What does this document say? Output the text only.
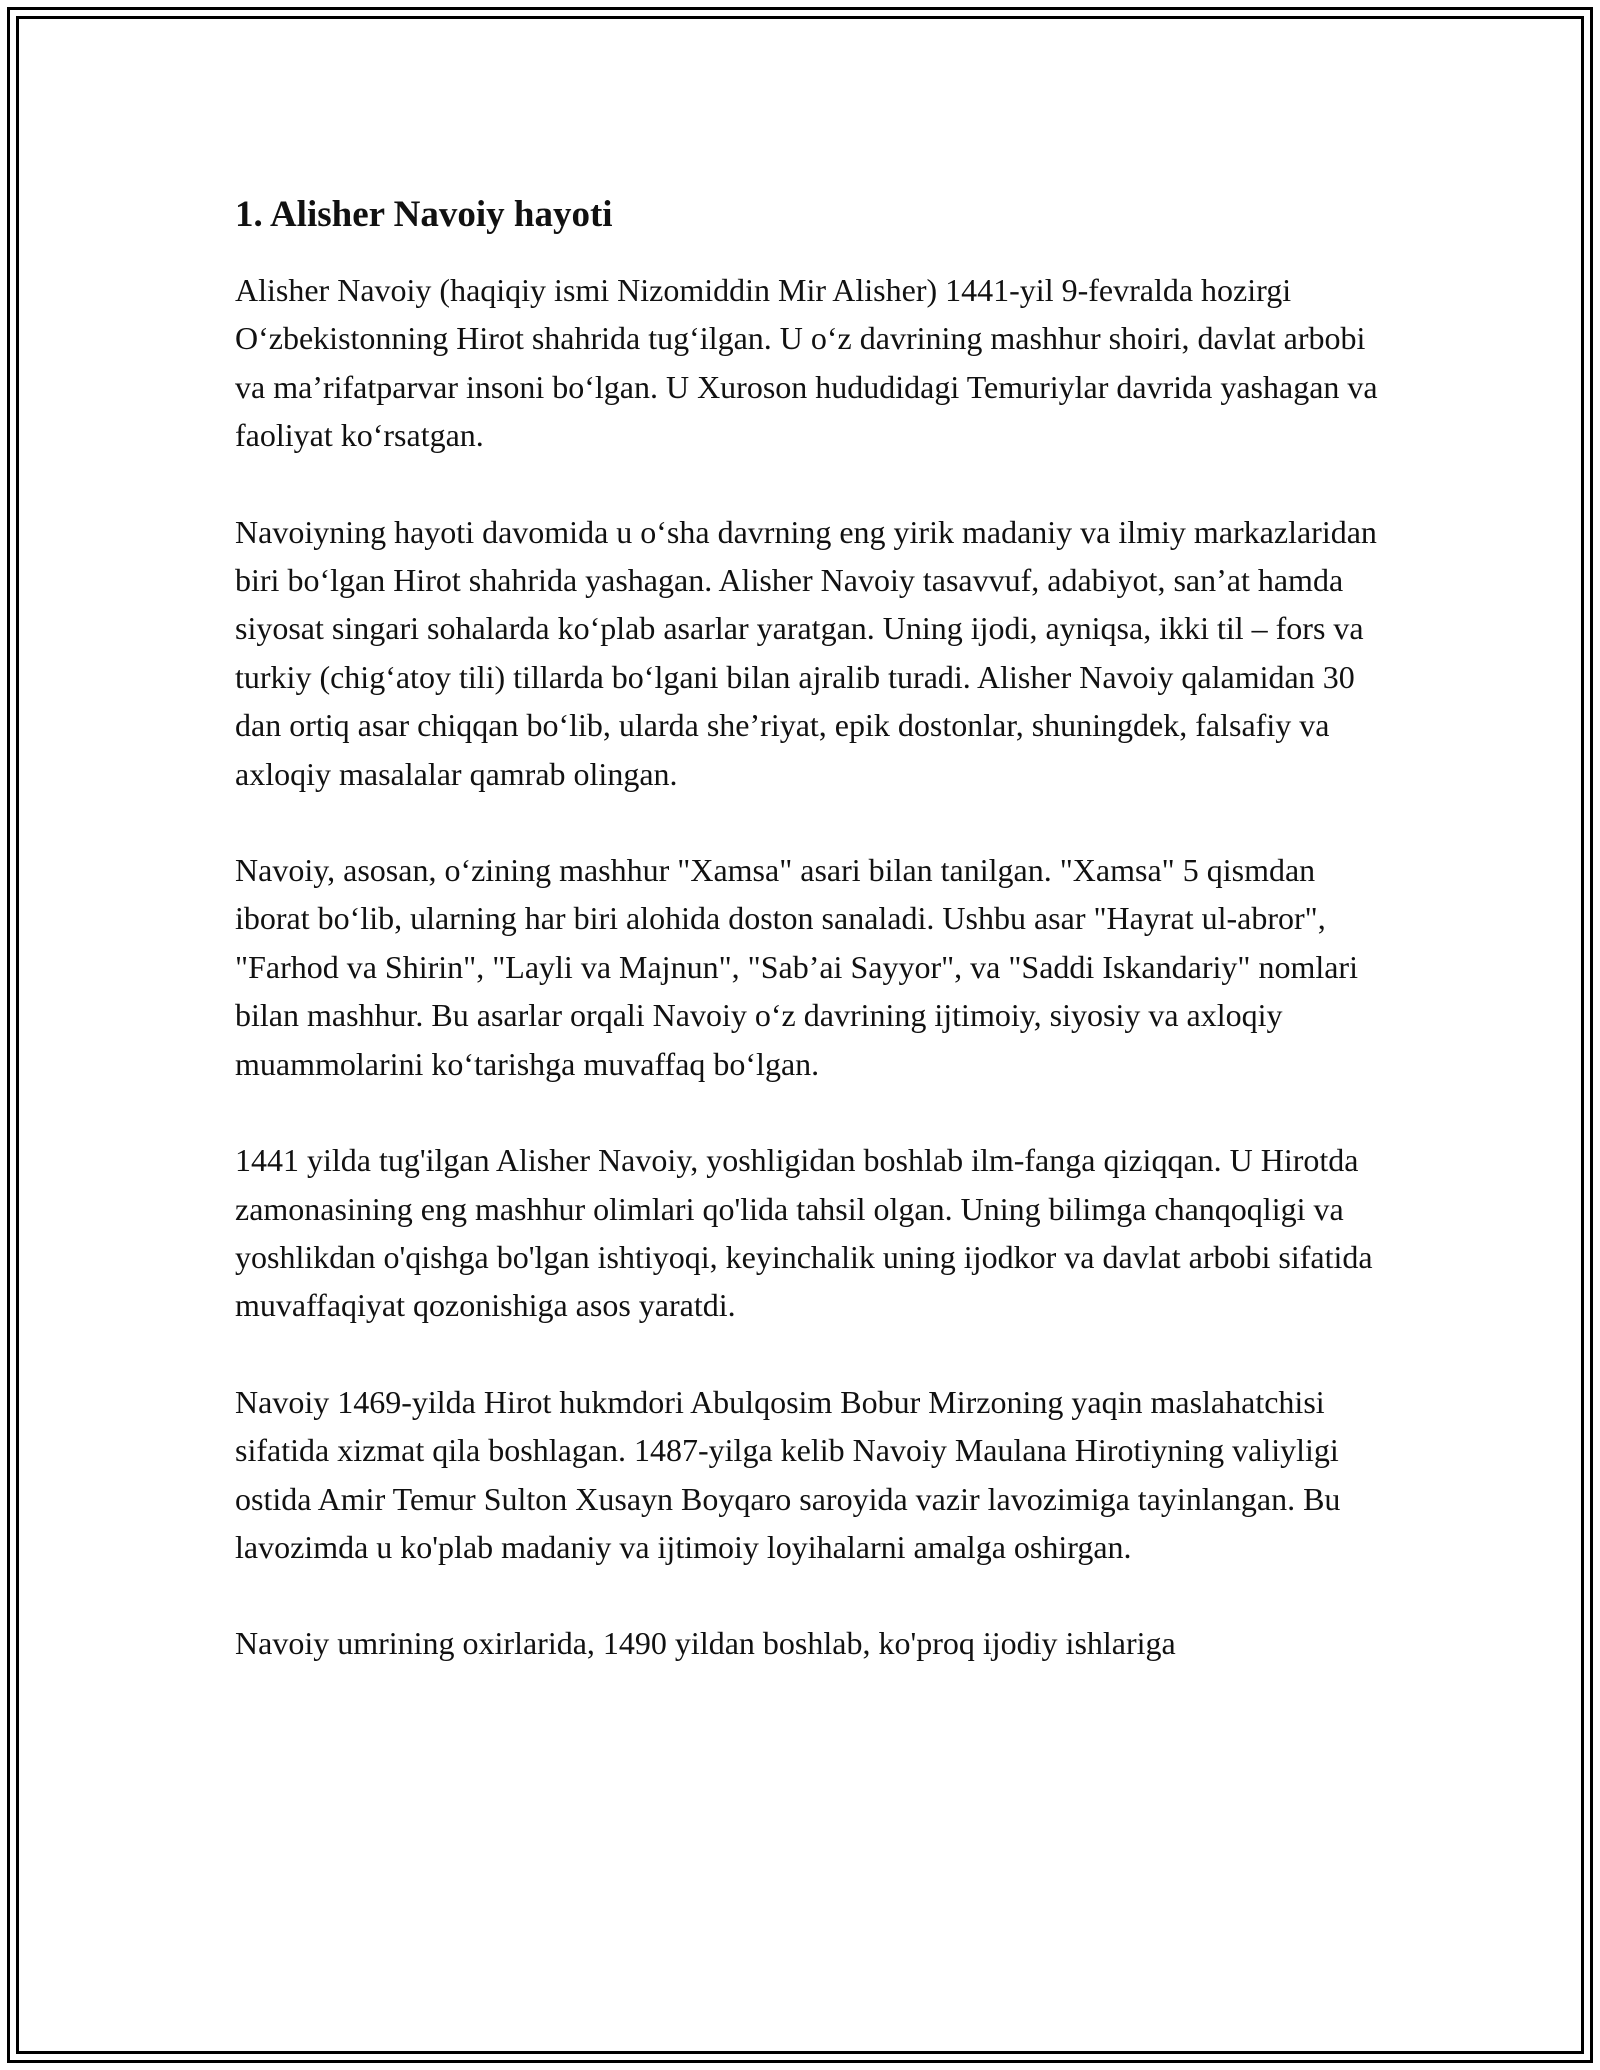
1. Alisher Navoiy hayoti

Alisher Navoiy (haqiqiy ismi Nizomiddin Mir Alisher) 1441-yil 9-fevralda hozirgi O‘zbekistonning Hirot shahrida tug‘ilgan. U o‘z davrining mashhur shoiri, davlat arbobi va ma’rifatparvar insoni bo‘lgan. U Xuroson hududidagi Temuriylar davrida yashagan va faoliyat ko‘rsatgan.

Navoiyning hayoti davomida u o‘sha davrning eng yirik madaniy va ilmiy markazlaridan biri bo‘lgan Hirot shahrida yashagan. Alisher Navoiy tasavvuf, adabiyot, san’at hamda siyosat singari sohalarda ko‘plab asarlar yaratgan. Uning ijodi, ayniqsa, ikki til – fors va turkiy (chig‘atoy tili) tillarda bo‘lgani bilan ajralib turadi. Alisher Navoiy qalamidan 30 dan ortiq asar chiqqan bo‘lib, ularda she’riyat, epik dostonlar, shuningdek, falsafiy va axloqiy masalalar qamrab olingan.

Navoiy, asosan, o‘zining mashhur "Xamsa" asari bilan tanilgan. "Xamsa" 5 qismdan iborat bo‘lib, ularning har biri alohida doston sanaladi. Ushbu asar "Hayrat ul-abror", "Farhod va Shirin", "Layli va Majnun", "Sab’ai Sayyor", va "Saddi Iskandariy" nomlari bilan mashhur. Bu asarlar orqali Navoiy o‘z davrining ijtimoiy, siyosiy va axloqiy muammolarini ko‘tarishga muvaffaq bo‘lgan.

1441 yilda tug'ilgan Alisher Navoiy, yoshligidan boshlab ilm-fanga qiziqqan. U Hirotda zamonasining eng mashhur olimlari qo'lida tahsil olgan. Uning bilimga chanqoqligi va yoshlikdan o'qishga bo'lgan ishtiyoqi, keyinchalik uning ijodkor va davlat arbobi sifatida muvaffaqiyat qozonishiga asos yaratdi.

Navoiy 1469-yilda Hirot hukmdori Abulqosim Bobur Mirzoning yaqin maslahatchisi sifatida xizmat qila boshlagan. 1487-yilga kelib Navoiy Maulana Hirotiyning valiyligi ostida Amir Temur Sulton Xusayn Boyqaro saroyida vazir lavozimiga tayinlangan. Bu lavozimda u ko'plab madaniy va ijtimoiy loyihalarni amalga oshirgan.

Navoiy umrining oxirlarida, 1490 yildan boshlab, ko'proq ijodiy ishlariga
